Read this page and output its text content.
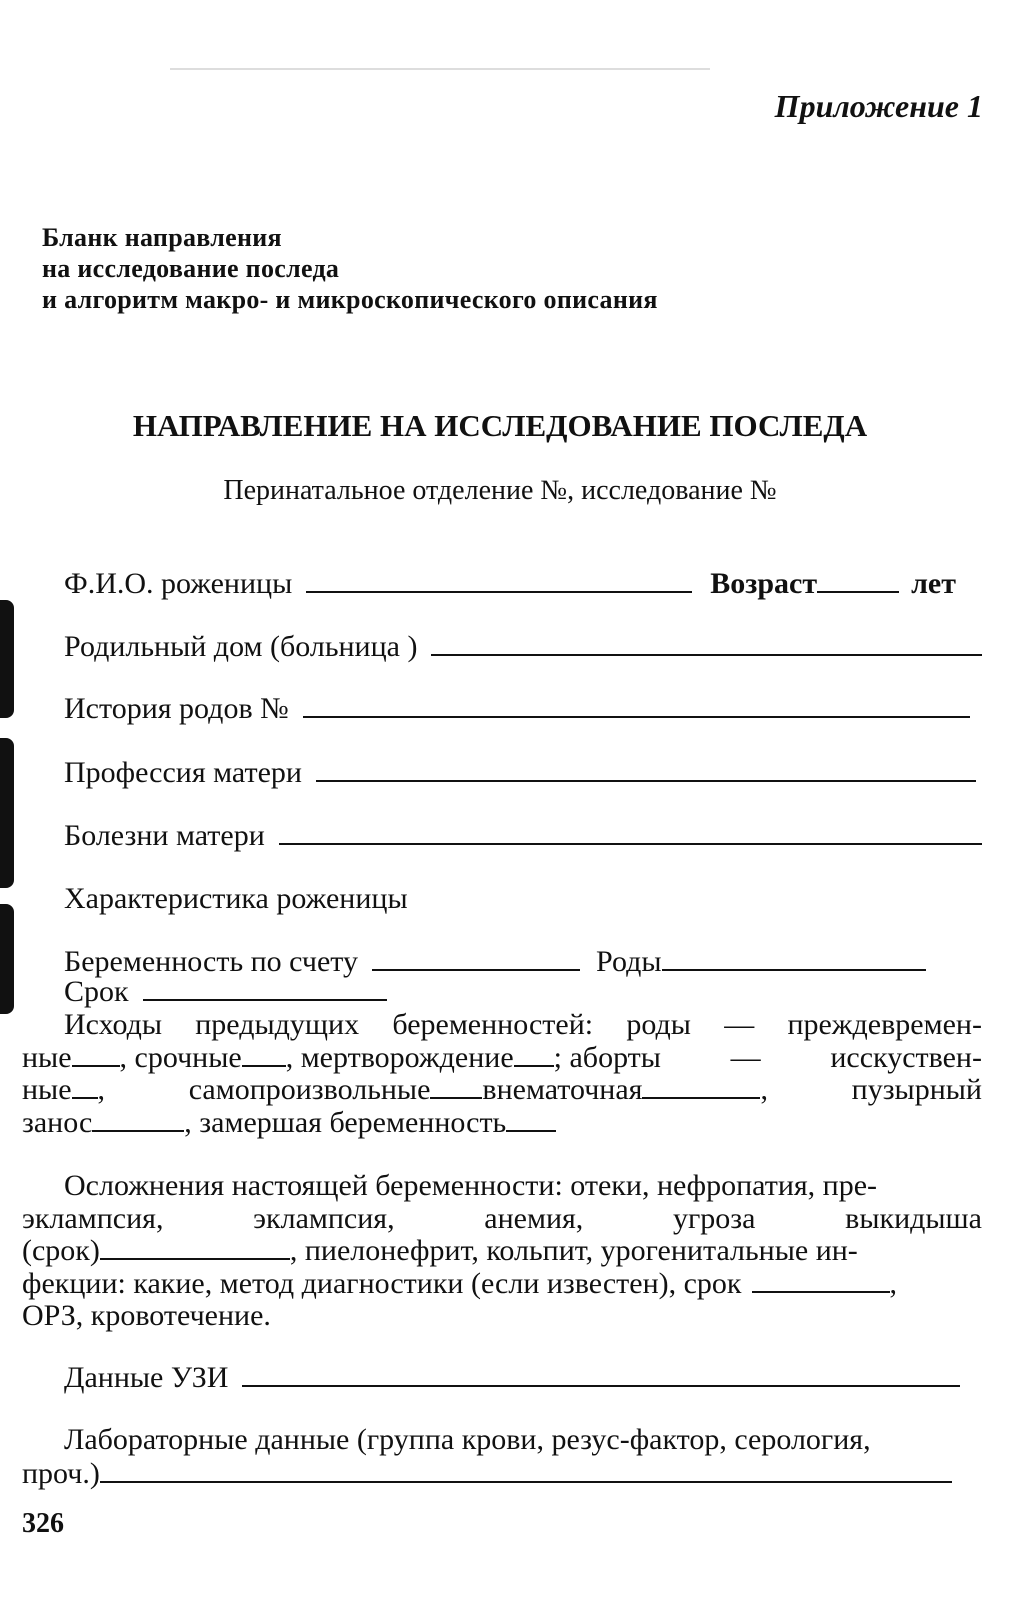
Приложение 1
Бланк направления
на исследование последа
и алгоритм макро- и микроскопического описания
НАПРАВЛЕНИЕ НА ИССЛЕДОВАНИЕ ПОСЛЕДА
Перинатальное отделение №, исследование №
Ф.И.О. роженицы	Возраст	лет
Родильный дом (больница )
История родов №
Профессия матери
Болезни матери
Характеристика роженицы
Беременность по счету	Роды
Срок
Исходы предыдущих беременностей: роды — преждевремен-
ные , срочные , мертворождение ; аборты — исскуствен-
ные ,	самопроизвольные внематочная	,	пузырный
занос	, замершая беременность
Осложнения настоящей беременности: отеки, нефропатия, пре-
эклампсия,	эклампсия,	анемия,	угроза	выкидыша
(срок)	, пиелонефрит, кольпит, урогенитальные ин-
фекции: какие, метод диагностики (если известен), срок	,
ОРЗ, кровотечение.
Данные УЗИ
Лабораторные данные (группа крови, резус-фактор, серология,
проч.)
326
